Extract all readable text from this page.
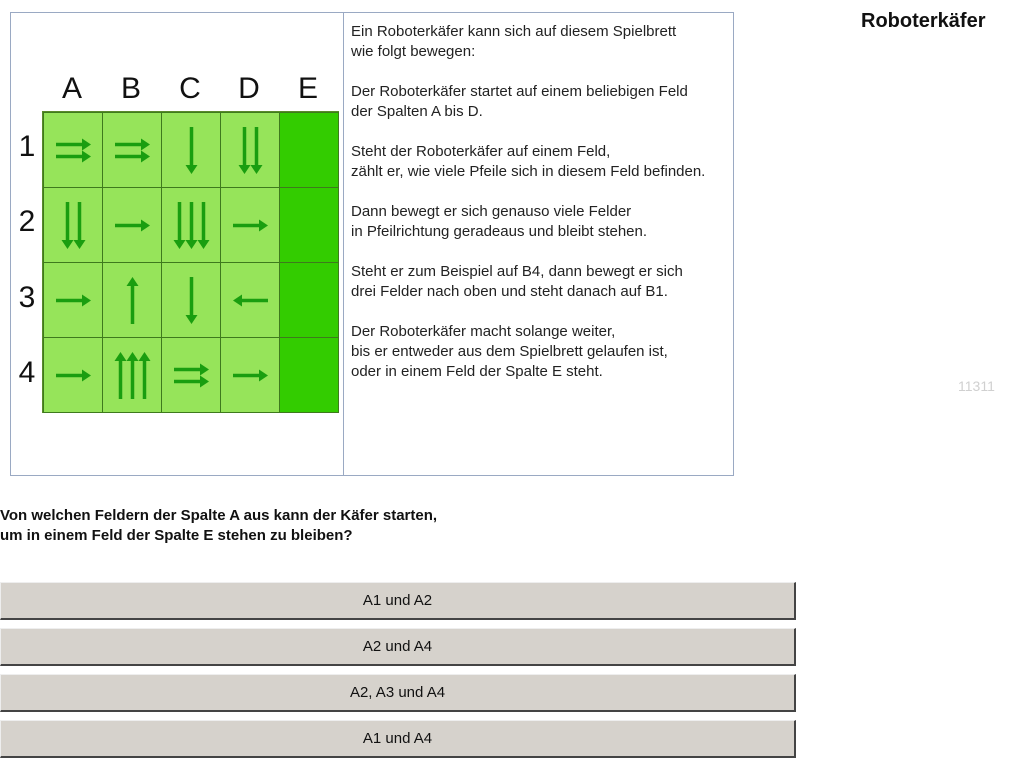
A	B	C	D	E
1
2
3
4

Ein Roboterkäfer kann sich auf diesem Spielbrett
wie folgt bewegen:

Der Roboterkäfer startet auf einem beliebigen Feld
der Spalten A bis D.

Steht der Roboterkäfer auf einem Feld,
zählt er, wie viele Pfeile sich in diesem Feld befinden.

Dann bewegt er sich genauso viele Felder
in Pfeilrichtung geradeaus und bleibt stehen.

Steht er zum Beispiel auf B4, dann bewegt er sich
drei Felder nach oben und steht danach auf B1.

Der Roboterkäfer macht solange weiter,
bis er entweder aus dem Spielbrett gelaufen ist,
oder in einem Feld der Spalte E steht.

Roboterkäfer
11311
Von welchen Feldern der Spalte A aus kann der Käfer starten,
um in einem Feld der Spalte E stehen zu bleiben?
A1 und A2
A2 und A4
A2, A3 und A4
A1 und A4
